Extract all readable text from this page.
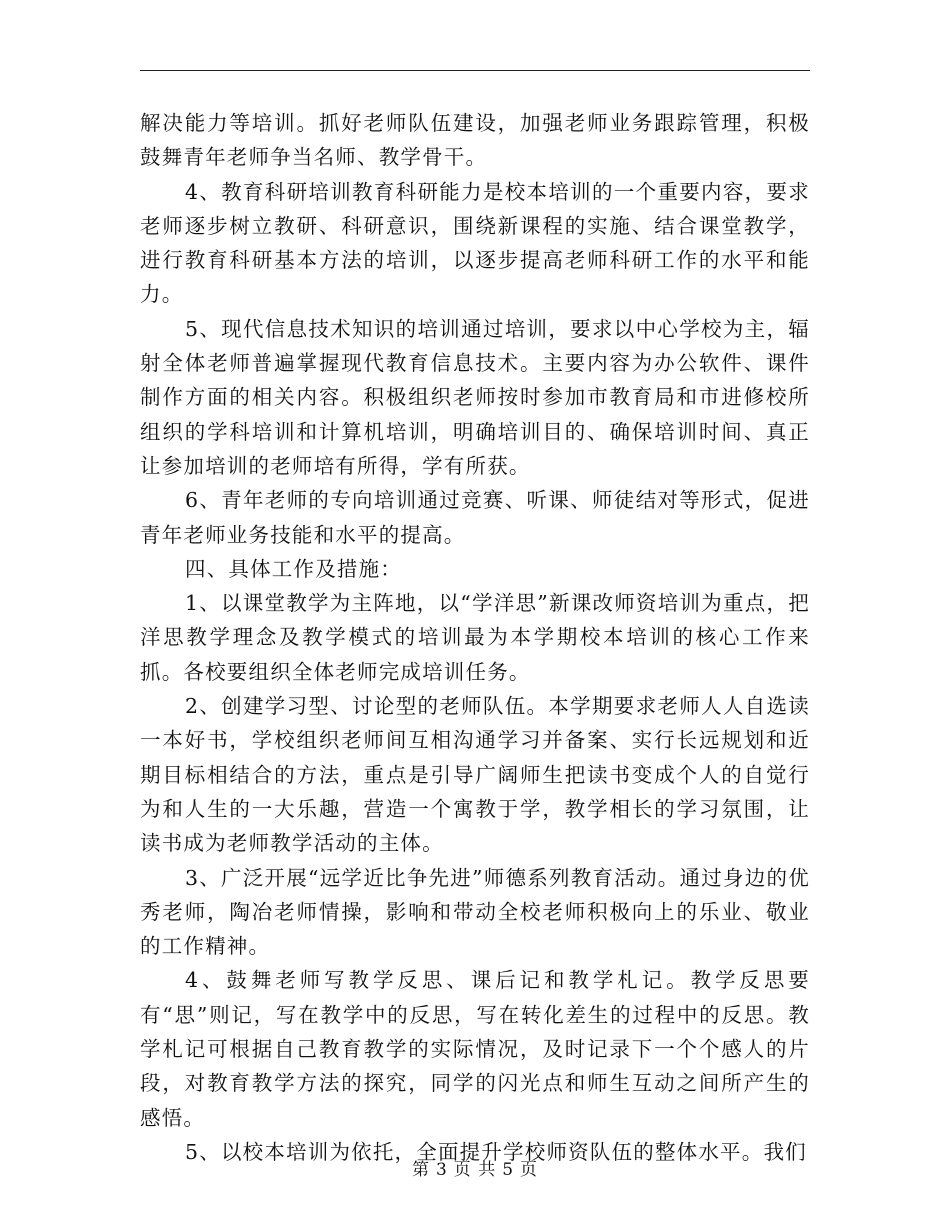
解决能力等培训。抓好老师队伍建设，加强老师业务跟踪管理，积极鼓舞青年老师争当名师、教学骨干。

4、教育科研培训教育科研能力是校本培训的一个重要内容，要求老师逐步树立教研、科研意识，围绕新课程的实施、结合课堂教学，进行教育科研基本方法的培训，以逐步提高老师科研工作的水平和能力。

5、现代信息技术知识的培训通过培训，要求以中心学校为主，辐射全体老师普遍掌握现代教育信息技术。主要内容为办公软件、课件制作方面的相关内容。积极组织老师按时参加市教育局和市进修校所组织的学科培训和计算机培训，明确培训目的、确保培训时间、真正让参加培训的老师培有所得，学有所获。

6、青年老师的专向培训通过竞赛、听课、师徒结对等形式，促进青年老师业务技能和水平的提高。

四、具体工作及措施：

1、以课堂教学为主阵地，以“学洋思”新课改师资培训为重点，把洋思教学理念及教学模式的培训最为本学期校本培训的核心工作来抓。各校要组织全体老师完成培训任务。

2、创建学习型、讨论型的老师队伍。本学期要求老师人人自选读一本好书，学校组织老师间互相沟通学习并备案、实行长远规划和近期目标相结合的方法，重点是引导广阔师生把读书变成个人的自觉行为和人生的一大乐趣，营造一个寓教于学，教学相长的学习氛围，让读书成为老师教学活动的主体。

3、广泛开展“远学近比争先进”师德系列教育活动。通过身边的优秀老师，陶冶老师情操，影响和带动全校老师积极向上的乐业、敬业的工作精神。

4、鼓舞老师写教学反思、课后记和教学札记。教学反思要有“思”则记，写在教学中的反思，写在转化差生的过程中的反思。教学札记可根据自己教育教学的实际情况，及时记录下一个个感人的片段，对教育教学方法的探究，同学的闪光点和师生互动之间所产生的感悟。

5、以校本培训为依托，全面提升学校师资队伍的整体水平。我们

第 3 页 共 5 页
